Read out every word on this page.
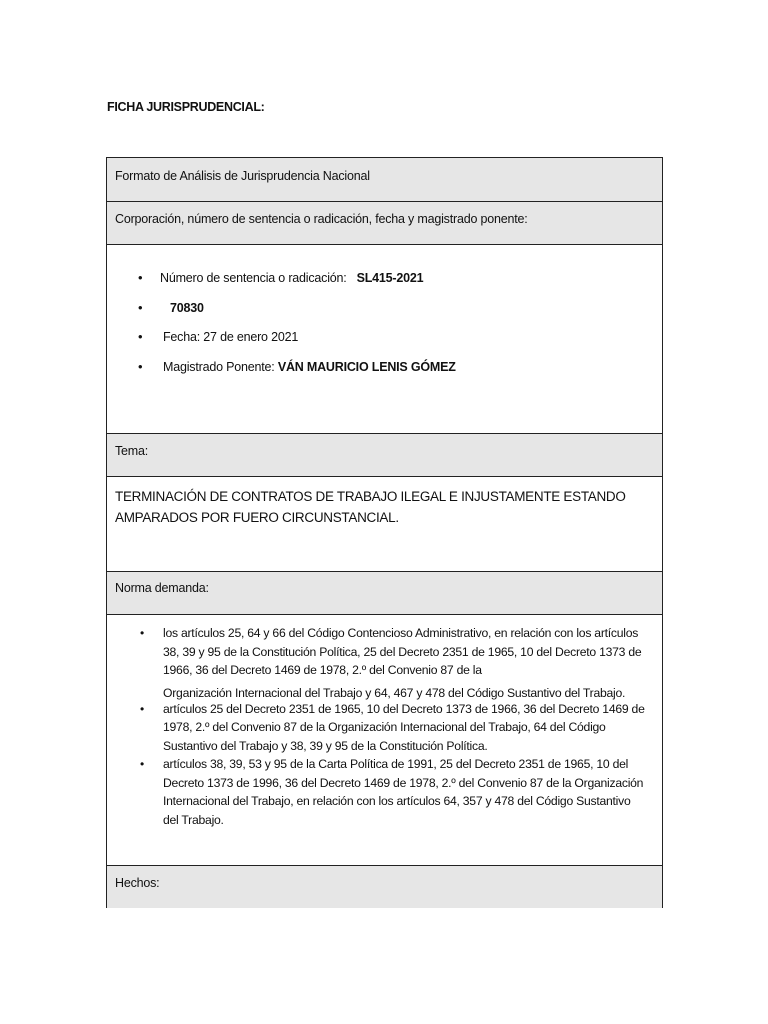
FICHA JURISPRUDENCIAL:
Formato de Análisis de Jurisprudencia Nacional
Corporación, número de sentencia o radicación, fecha y magistrado ponente:
• Número de sentencia o radicación: SL415-2021
• 70830
• Fecha: 27 de enero 2021
• Magistrado Ponente: VÁN MAURICIO LENIS GÓMEZ
Tema:
TERMINACIÓN DE CONTRATOS DE TRABAJO ILEGAL E INJUSTAMENTE ESTANDO AMPARADOS POR FUERO CIRCUNSTANCIAL.
Norma demanda:
• los artículos 25, 64 y 66 del Código Contencioso Administrativo, en relación con los artículos 38, 39 y 95 de la Constitución Política, 25 del Decreto 2351 de 1965, 10 del Decreto 1373 de 1966, 36 del Decreto 1469 de 1978, 2.º del Convenio 87 de la
Organización Internacional del Trabajo y 64, 467 y 478 del Código Sustantivo del Trabajo.
• artículos 25 del Decreto 2351 de 1965, 10 del Decreto 1373 de 1966, 36 del Decreto 1469 de 1978, 2.º del Convenio 87 de la Organización Internacional del Trabajo, 64 del Código Sustantivo del Trabajo y 38, 39 y 95 de la Constitución Política.
• artículos 38, 39, 53 y 95 de la Carta Política de 1991, 25 del Decreto 2351 de 1965, 10 del Decreto 1373 de 1996, 36 del Decreto 1469 de 1978, 2.º del Convenio 87 de la Organización Internacional del Trabajo, en relación con los artículos 64, 357 y 478 del Código Sustantivo del Trabajo.
Hechos:
